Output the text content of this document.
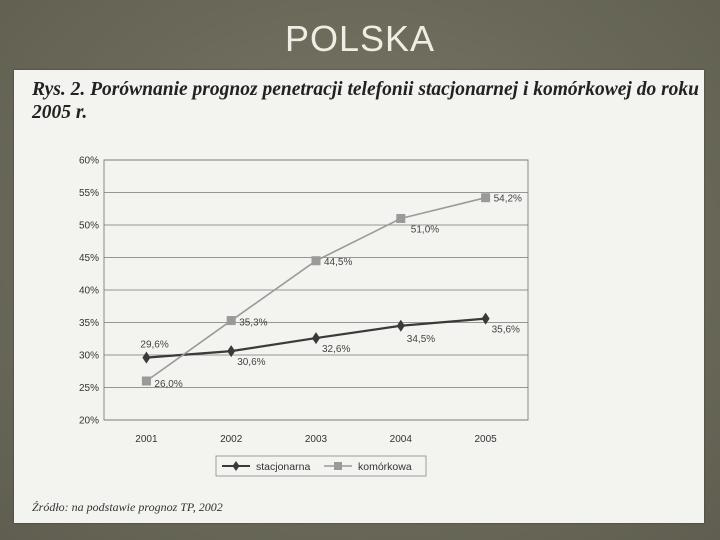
POLSKA
Rys. 2. Porównanie prognoz penetracji telefonii stacjonarnej i komórkowej do roku 2005 r.
20%
25%
30%
35%
40%
45%
50%
55%
60%
2001	2002	2003	2004	2005
29,6%
30,6%
32,6%
34,5%
35,6%
26,0%
35,3%
44,5%
51,0%
54,2%
stacjonarna	komórkowa
Źródło: na podstawie prognoz TP, 2002
